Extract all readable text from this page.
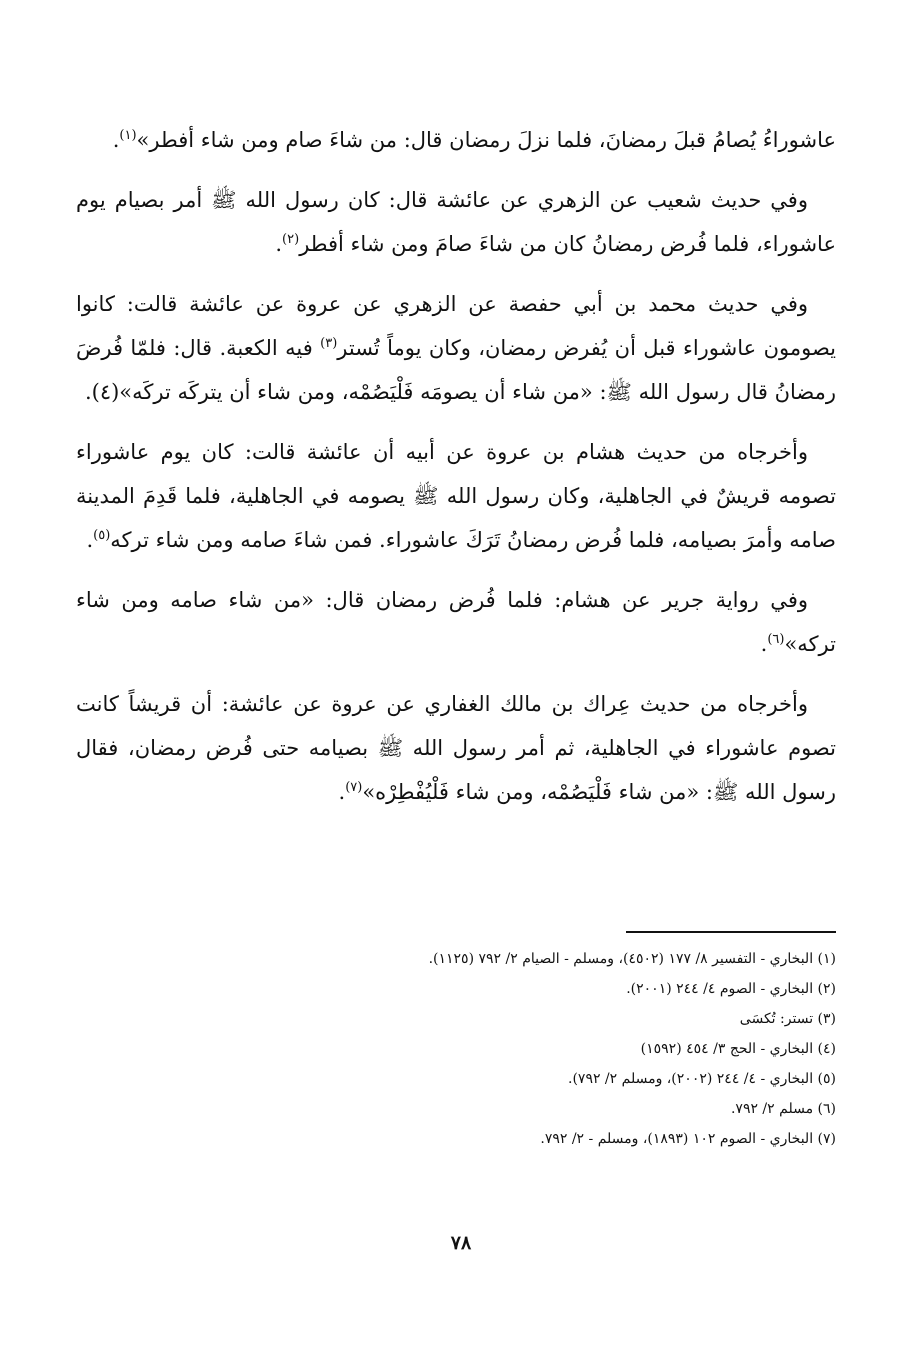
عاشوراءُ يُصامُ قبلَ رمضانَ، فلما نزلَ رمضان قال: من شاءَ صام ومن شاء أفطر»$^{(١)}$.

وفي حديث شعيب عن الزهري عن عائشة قال: كان رسول الله ﷺ أمر بصيام يوم عاشوراء، فلما فُرض رمضانُ كان من شاءَ صامَ ومن شاء أفطر$^{(٢)}$.

وفي حديث محمد بن أبي حفصة عن الزهري عن عروة عن عائشة قالت: كانوا يصومون عاشوراء قبل أن يُفرض رمضان، وكان يوماً تُستر$^{(٣)}$ فيه الكعبة. قال: فلمّا فُرضَ رمضانُ قال رسول الله ﷺ: «من شاء أن يصومَه فَلْيَصُمْه، ومن شاء أن يتركَه تركَه»(٤).

وأخرجاه من حديث هشام بن عروة عن أبيه أن عائشة قالت: كان يوم عاشوراء تصومه قريشٌ في الجاهلية، وكان رسول الله ﷺ يصومه في الجاهلية، فلما قَدِمَ المدينة صامه وأمرَ بصيامه، فلما فُرض رمضانُ تَرَكَ عاشوراء. فمن شاءَ صامه ومن شاء تركه$^{(٥)}$.

وفي رواية جرير عن هشام: فلما فُرض رمضان قال: «من شاء صامه ومن شاء تركه»$^{(٦)}$.

وأخرجاه من حديث عِراك بن مالك الغفاري عن عروة عن عائشة: أن قريشاً كانت تصوم عاشوراء في الجاهلية، ثم أمر رسول الله ﷺ بصيامه حتى فُرض رمضان، فقال رسول الله ﷺ: «من شاء فَلْيَصُمْه، ومن شاء فَلْيُفْطِرْه»$^{(٧)}$.

(١) البخاري - التفسير ٨/ ١٧٧ (٤٥٠٢)، ومسلم - الصيام ٢/ ٧٩٢ (١١٢٥).

(٢) البخاري - الصوم ٤/ ٢٤٤ (٢٠٠١).

(٣) تستر: تُكسَى

(٤) البخاري - الحج ٣/ ٤٥٤ (١٥٩٢)

(٥) البخاري - ٤/ ٢٤٤ (٢٠٠٢)، ومسلم ٢/ ٧٩٢).

(٦) مسلم ٢/ ٧٩٢.

(٧) البخاري - الصوم ١٠٢ (١٨٩٣)، ومسلم - ٢/ ٧٩٢.

٧٨
